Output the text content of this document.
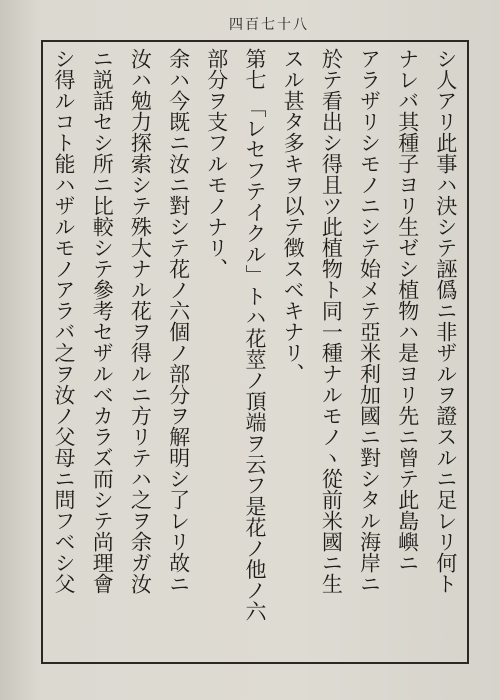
四百七十八
シ人アリ此事ハ決シテ誣僞ニ非ザルヲ證スルニ足レリ何ト
ナレバ其種子ヨリ生ゼシ植物ハ是ヨリ先ニ曾テ此島嶼ニ
アラザリシモノニシテ始メテ亞米利加國ニ對シタル海岸ニ
於テ看出シ得且ツ此植物ト同一種ナルモノヽ從前米國ニ生
スル甚タ多キヲ以テ徴スベキナリ、
第七 「レセフテイクル」トハ花莖ノ頂端ヲ云フ是花ノ他ノ六
部分ヲ支フルモノナリ、
余ハ今既ニ汝ニ對シテ花ノ六個ノ部分ヲ解明シ了レリ故ニ
汝ハ勉力探索シテ殊大ナル花ヲ得ルニ方リテハ之ヲ余ガ汝
ニ説話セシ所ニ比較シテ參考セザルベカラズ而シテ尚理會
シ得ルコト能ハザルモノアラバ之ヲ汝ノ父母ニ問フベシ父
